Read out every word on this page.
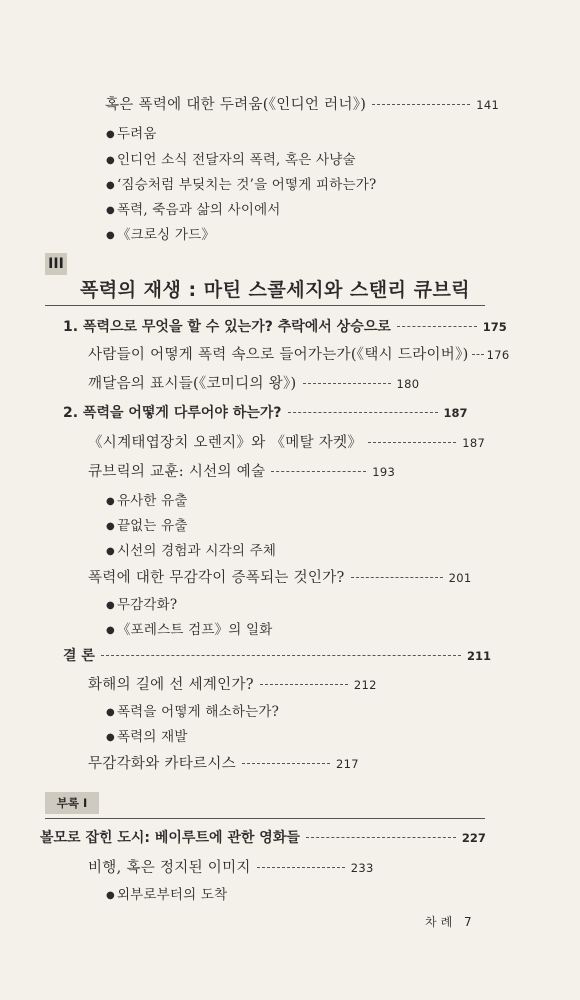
혹은 폭력에 대한 두려움(《인디언 러너》)	141
● 두려움
● 인디언 소식 전달자의 폭력, 혹은 사냥술
● ‘짐승처럼 부딪치는 것’을 어떻게 피하는가?
● 폭력, 죽음과 삶의 사이에서
● 《크로싱 가드》
III
폭력의 재생 : 마틴 스콜세지와 스탠리 큐브릭
1. 폭력으로 무엇을 할 수 있는가? 추락에서 상승으로	175
사람들이 어떻게 폭력 속으로 들어가는가(《택시 드라이버》) 176
깨달음의 표시들(《코미디의 왕》)	180
2. 폭력을 어떻게 다루어야 하는가?	187
《시계태엽장치 오렌지》와 《메탈 자켓》	187
큐브릭의 교훈: 시선의 예술	193
● 유사한 유출
● 끝없는 유출
● 시선의 경험과 시각의 주체
폭력에 대한 무감각이 증폭되는 것인가?	201
● 무감각화?
● 《포레스트 검프》의 일화
결 론	211
화해의 길에 선 세계인가?	212
● 폭력을 어떻게 해소하는가?
● 폭력의 재발
무감각화와 카타르시스	217
부록 I
볼모로 잡힌 도시: 베이루트에 관한 영화들	227
비행, 혹은 정지된 이미지	233
● 외부로부터의 도착
차례 7
